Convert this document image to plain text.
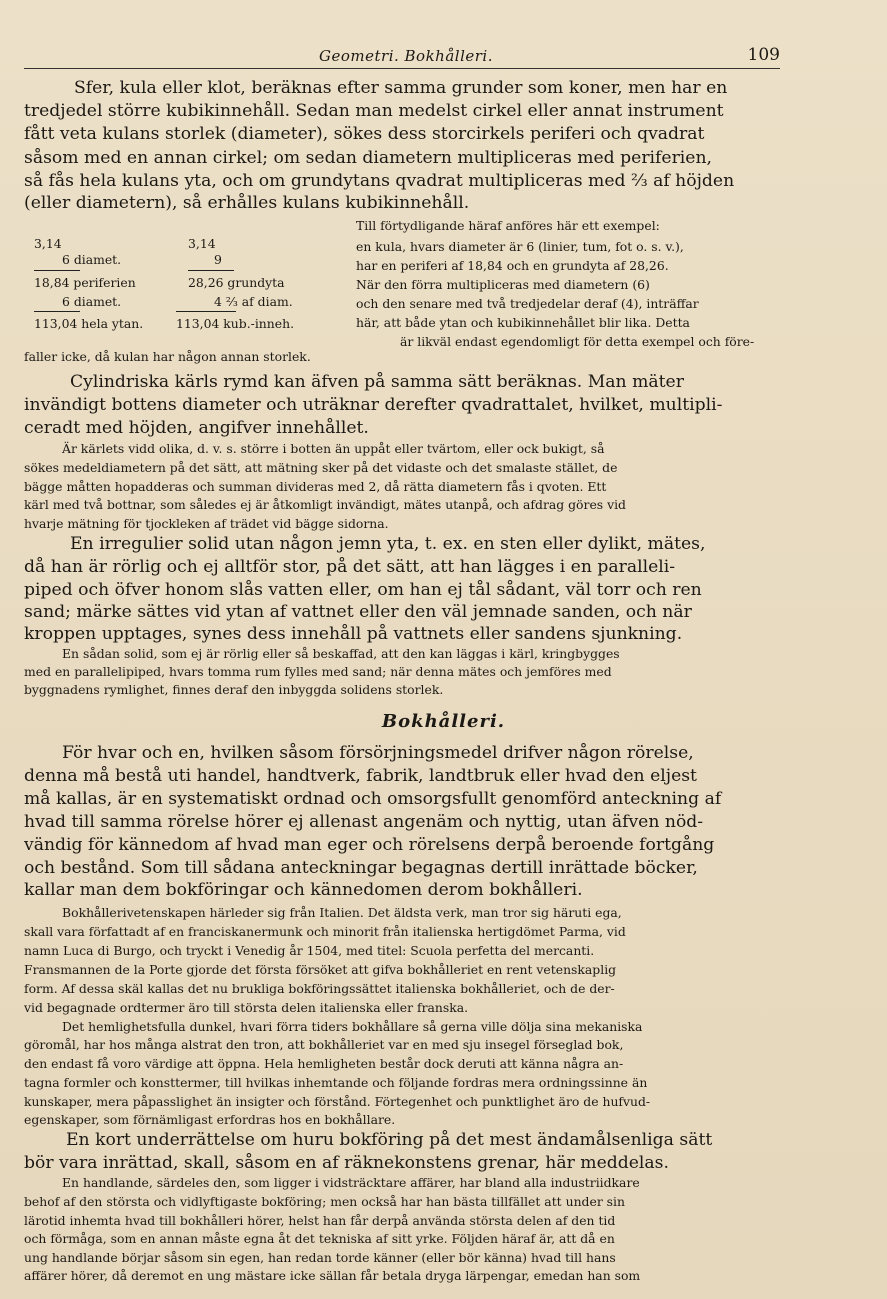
Geometri. Bokhålleri.	109
Sfer, kula eller klot, beräknas efter samma grunder som koner, men har en
tredjedel större kubikinnehåll. Sedan man medelst cirkel eller annat instrument
fått veta kulans storlek (diameter), sökes dess storcirkels periferi och qvadrat
såsom med en annan cirkel; om sedan diametern multipliceras med periferien,
så fås hela kulans yta, och om grundytans qvadrat multipliceras med ⅔ af höjden
(eller diametern), så erhålles kulans kubikinnehåll.
3,14
6 diamet.
18,84 periferien
6 diamet.
113,04 hela ytan.
3,14
9
28,26 grundyta
4 ⅔ af diam.
113,04 kub.-inneh.
Till förtydligande häraf anföres här ett exempel:
en kula, hvars diameter är 6 (linier, tum, fot o. s. v.),
har en periferi af 18,84 och en grundyta af 28,26.
När den förra multipliceras med diametern (6)
och den senare med två tredjedelar deraf (4), inträffar
här, att både ytan och kubikinnehållet blir lika. Detta
är likväl endast egendomligt för detta exempel och före-
faller icke, då kulan har någon annan storlek.
Cylindriska kärls rymd kan äfven på samma sätt beräknas. Man mäter
invändigt bottens diameter och uträknar derefter qvadrattalet, hvilket, multipli-
ceradt med höjden, angifver innehållet.
Är kärlets vidd olika, d. v. s. större i botten än uppåt eller tvärtom, eller ock bukigt, så
sökes medeldiametern på det sätt, att mätning sker på det vidaste och det smalaste stället, de
bägge måtten hopadderas och summan divideras med 2, då rätta diametern fås i qvoten. Ett
kärl med två bottnar, som således ej är åtkomligt invändigt, mätes utanpå, och afdrag göres vid
hvarje mätning för tjockleken af trädet vid bägge sidorna.
En irregulier solid utan någon jemn yta, t. ex. en sten eller dylikt, mätes,
då han är rörlig och ej alltför stor, på det sätt, att han lägges i en paralleli-
piped och öfver honom slås vatten eller, om han ej tål sådant, väl torr och ren
sand; märke sättes vid ytan af vattnet eller den väl jemnade sanden, och när
kroppen upptages, synes dess innehåll på vattnets eller sandens sjunkning.
En sådan solid, som ej är rörlig eller så beskaffad, att den kan läggas i kärl, kringbygges
med en parallelipiped, hvars tomma rum fylles med sand; när denna mätes och jemföres med
byggnadens rymlighet, finnes deraf den inbyggda solidens storlek.
Bokhålleri.
För hvar och en, hvilken såsom försörjningsmedel drifver någon rörelse,
denna må bestå uti handel, handtverk, fabrik, landtbruk eller hvad den eljest
må kallas, är en systematiskt ordnad och omsorgsfullt genomförd anteckning af
hvad till samma rörelse hörer ej allenast angenäm och nyttig, utan äfven nöd-
vändig för kännedom af hvad man eger och rörelsens derpå beroende fortgång
och bestånd. Som till sådana anteckningar begagnas dertill inrättade böcker,
kallar man dem bokföringar och kännedomen derom bokhålleri.
Bokhållerivetenskapen härleder sig från Italien. Det äldsta verk, man tror sig häruti ega,
skall vara författadt af en franciskanermunk och minorit från italienska hertigdömet Parma, vid
namn Luca di Burgo, och tryckt i Venedig år 1504, med titel: Scuola perfetta del mercanti.
Fransmannen de la Porte gjorde det första försöket att gifva bokhålleriet en rent vetenskaplig
form. Af dessa skäl kallas det nu brukliga bokföringssättet italienska bokhålleriet, och de der-
vid begagnade ordtermer äro till största delen italienska eller franska.
Det hemlighetsfulla dunkel, hvari förra tiders bokhållare så gerna ville dölja sina mekaniska
göromål, har hos många alstrat den tron, att bokhålleriet var en med sju insegel förseglad bok,
den endast få voro värdige att öppna. Hela hemligheten består dock deruti att känna några an-
tagna formler och konsttermer, till hvilkas inhemtande och följande fordras mera ordningssinne än
kunskaper, mera påpasslighet än insigter och förstånd. Förtegenhet och punktlighet äro de hufvud-
egenskaper, som förnämligast erfordras hos en bokhållare.
En kort underrättelse om huru bokföring på det mest ändamålsenliga sätt
bör vara inrättad, skall, såsom en af räknekonstens grenar, här meddelas.
En handlande, särdeles den, som ligger i vidsträcktare affärer, har bland alla industriidkare
behof af den största och vidlyftigaste bokföring; men också har han bästa tillfället att under sin
lärotid inhemta hvad till bokhålleri hörer, helst han får derpå använda största delen af den tid
och förmåga, som en annan måste egna åt det tekniska af sitt yrke. Följden häraf är, att då en
ung handlande börjar såsom sin egen, han redan torde känner (eller bör känna) hvad till hans
affärer hörer, då deremot en ung mästare icke sällan får betala dryga lärpengar, emedan han som
